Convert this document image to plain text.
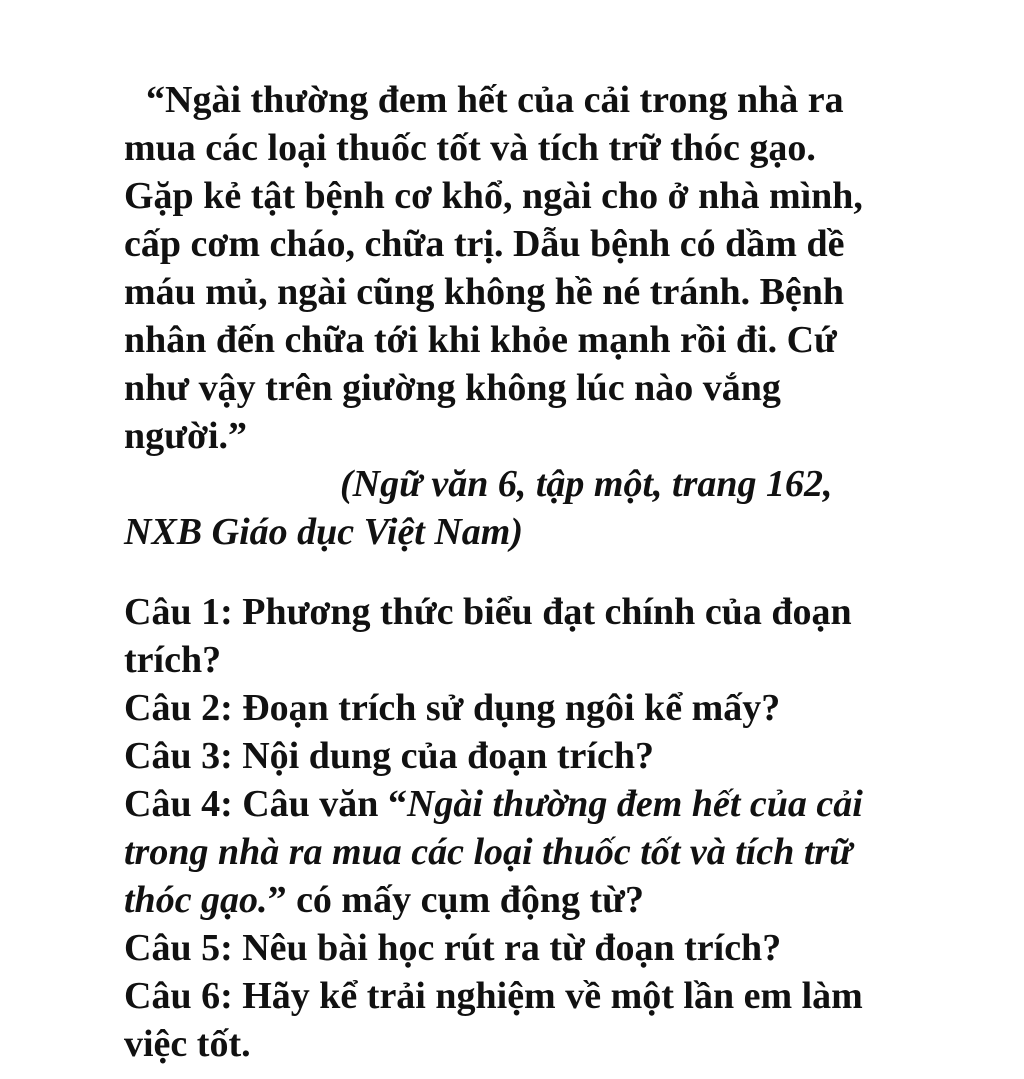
“Ngài thường đem hết của cải trong nhà ra
mua các loại thuốc tốt và tích trữ thóc gạo.
Gặp kẻ tật bệnh cơ khổ, ngài cho ở nhà mình,
cấp cơm cháo, chữa trị. Dẫu bệnh có dầm dề
máu mủ, ngài cũng không hề né tránh. Bệnh
nhân đến chữa tới khi khỏe mạnh rồi đi. Cứ
như vậy trên giường không lúc nào vắng
người.”
(Ngữ văn 6, tập một, trang 162,
NXB Giáo dục Việt Nam)
Câu 1: Phương thức biểu đạt chính của đoạn
trích?
Câu 2: Đoạn trích sử dụng ngôi kể mấy?
Câu 3: Nội dung của đoạn trích?
Câu 4: Câu văn “Ngài thường đem hết của cải
trong nhà ra mua các loại thuốc tốt và tích trữ
thóc gạo.” có mấy cụm động từ?
Câu 5: Nêu bài học rút ra từ đoạn trích?
Câu 6: Hãy kể trải nghiệm về một lần em làm
việc tốt.
